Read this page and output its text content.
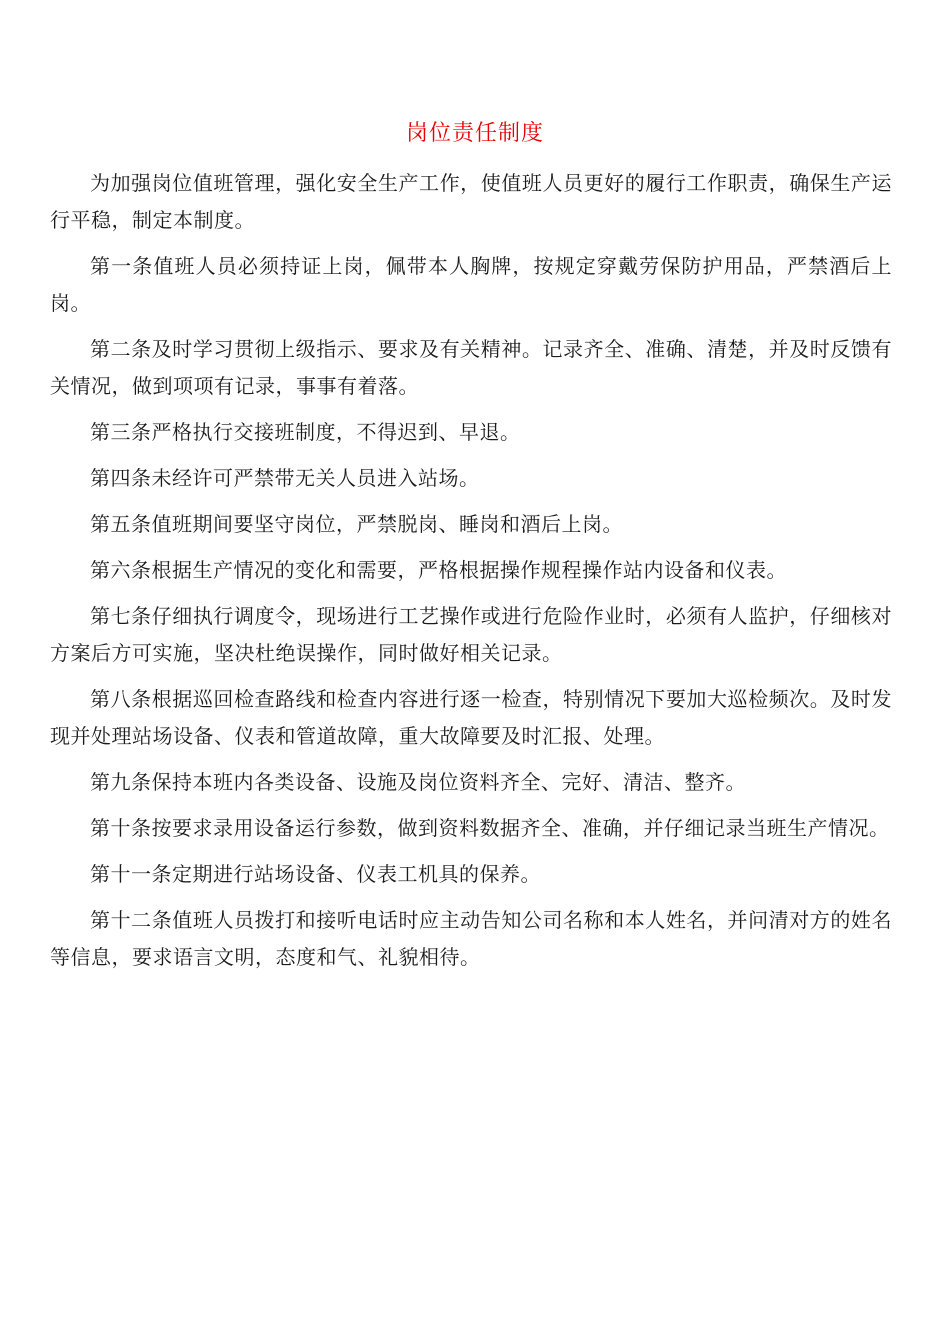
岗位责任制度

为加强岗位值班管理，强化安全生产工作，使值班人员更好的履行工作职责，确保生产运行平稳，制定本制度。

第一条值班人员必须持证上岗，佩带本人胸牌，按规定穿戴劳保防护用品，严禁酒后上岗。

第二条及时学习贯彻上级指示、要求及有关精神。记录齐全、准确、清楚，并及时反馈有关情况，做到项项有记录，事事有着落。

第三条严格执行交接班制度，不得迟到、早退。

第四条未经许可严禁带无关人员进入站场。

第五条值班期间要坚守岗位，严禁脱岗、睡岗和酒后上岗。

第六条根据生产情况的变化和需要，严格根据操作规程操作站内设备和仪表。

第七条仔细执行调度令，现场进行工艺操作或进行危险作业时，必须有人监护，仔细核对方案后方可实施，坚决杜绝误操作，同时做好相关记录。

第八条根据巡回检查路线和检查内容进行逐一检查，特别情况下要加大巡检频次。及时发现并处理站场设备、仪表和管道故障，重大故障要及时汇报、处理。

第九条保持本班内各类设备、设施及岗位资料齐全、完好、清洁、整齐。

第十条按要求录用设备运行参数，做到资料数据齐全、准确，并仔细记录当班生产情况。

第十一条定期进行站场设备、仪表工机具的保养。

第十二条值班人员拨打和接听电话时应主动告知公司名称和本人姓名，并问清对方的姓名等信息，要求语言文明，态度和气、礼貌相待。
